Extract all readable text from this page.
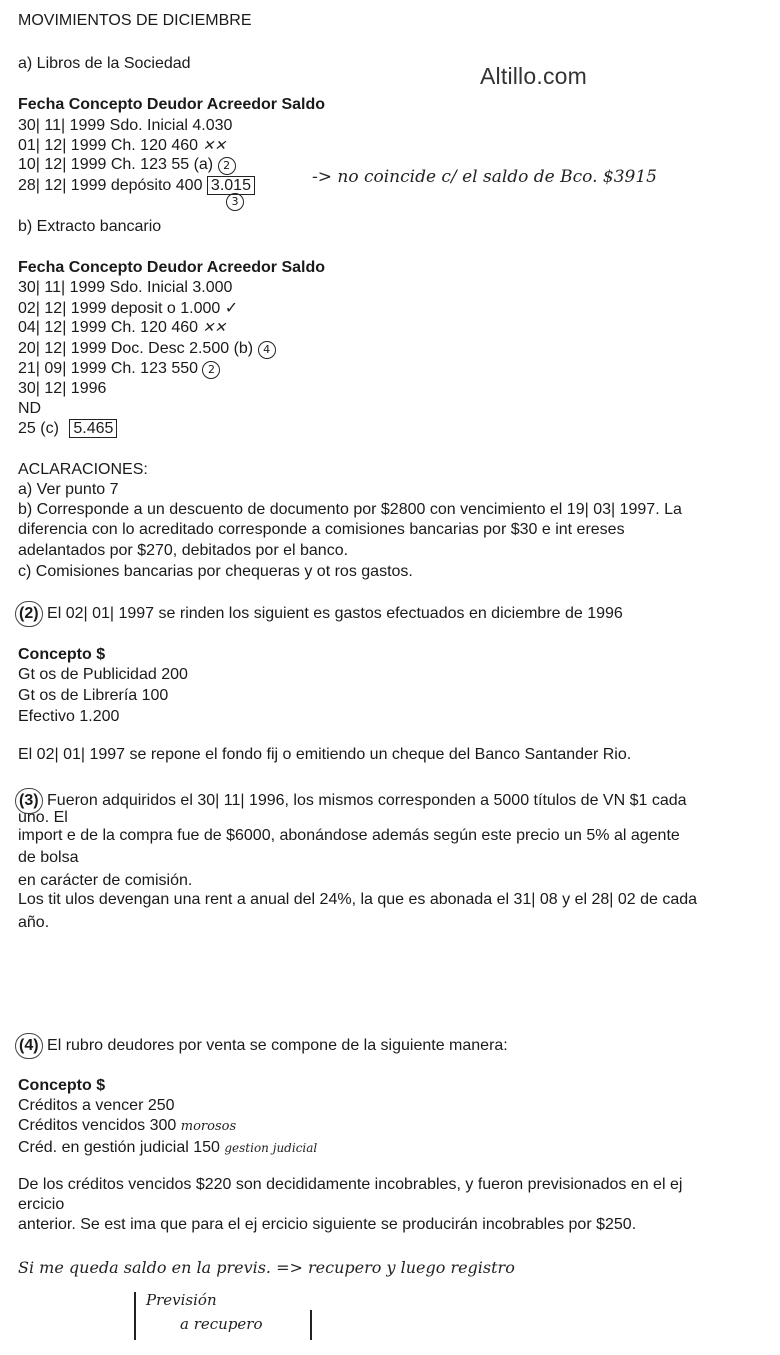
MOVIMIENTOS DE DICIEMBRE
Altillo.com
a) Libros de la Sociedad
Fecha Concepto Deudor Acreedor Saldo
30| 11| 1999 Sdo. Inicial 4.030
01| 12| 1999 Ch. 120 460 ✕✕
10| 12| 1999 Ch. 123 55 (a) 2
28| 12| 1999 depósito 400 3.015
3
-> no coincide c/ el saldo de Bco. $3915
b) Extracto bancario
Fecha Concepto Deudor Acreedor Saldo
30| 11| 1999 Sdo. Inicial 3.000
02| 12| 1999 deposit o 1.000 ✓
04| 12| 1999 Ch. 120 460 ✕✕
20| 12| 1999 Doc. Desc 2.500 (b) 4
21| 09| 1999 Ch. 123 550 2
30| 12| 1996
ND
25 (c) 5.465
ACLARACIONES:
a) Ver punto 7
b) Corresponde a un descuento de documento por $2800 con vencimiento el 19| 03| 1997. La
diferencia con lo acreditado corresponde a comisiones bancarias por $30 e int ereses
adelantados por $270, debitados por el banco.
c) Comisiones bancarias por chequeras y ot ros gastos.
(2) El 02| 01| 1997 se rinden los siguient es gastos efectuados en diciembre de 1996
Concepto $
Gt os de Publicidad 200
Gt os de Librería 100
Efectivo 1.200
El 02| 01| 1997 se repone el fondo fij o emitiendo un cheque del Banco Santander Rio.
(3) Fueron adquiridos el 30| 11| 1996, los mismos corresponden a 5000 títulos de VN $1 cada
uno. El
import e de la compra fue de $6000, abonándose además según este precio un 5% al agente
de bolsa
en carácter de comisión.
Los tit ulos devengan una rent a anual del 24%, la que es abonada el 31| 08 y el 28| 02 de cada
año.
(4) El rubro deudores por venta se compone de la siguiente manera:
Concepto $
Créditos a vencer 250
Créditos vencidos 300 morosos
Créd. en gestión judicial 150 gestion judicial
De los créditos vencidos $220 son decididamente incobrables, y fueron previsionados en el ej
ercicio
anterior. Se est ima que para el ej ercicio siguiente se producirán incobrables por $250.
Si me queda saldo en la previs. => recupero y luego registro
Previsión
a recupero
